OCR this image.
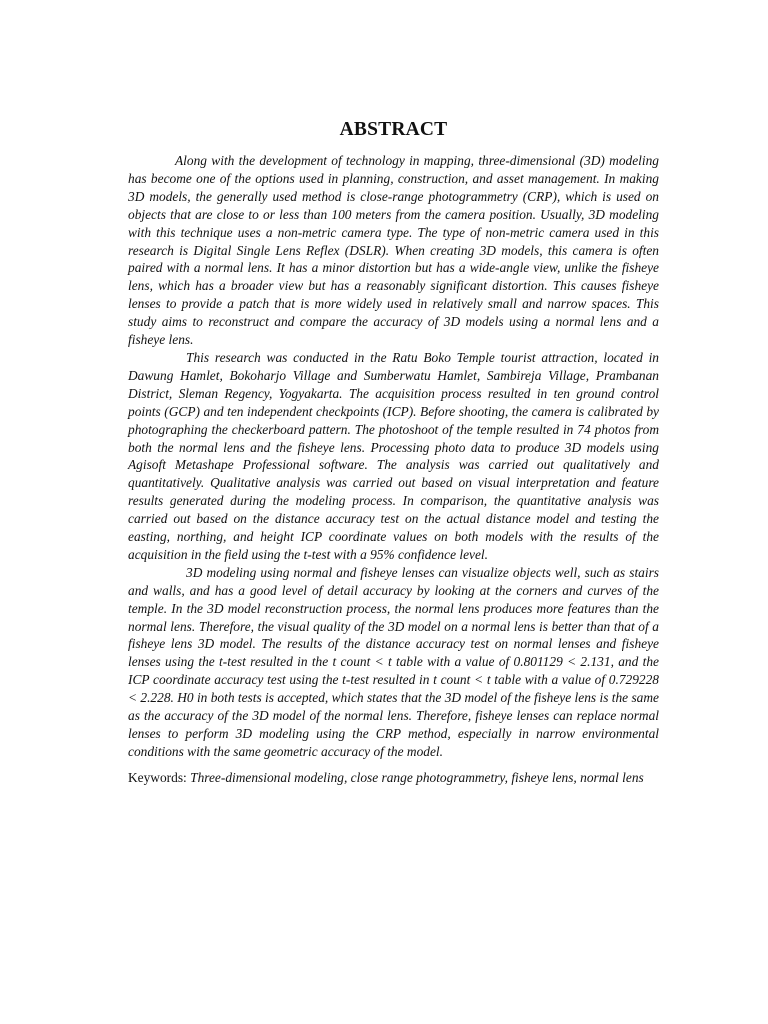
ABSTRACT

Along with the development of technology in mapping, three-dimensional (3D) modeling has become one of the options used in planning, construction, and asset management. In making 3D models, the generally used method is close-range photogrammetry (CRP), which is used on objects that are close to or less than 100 meters from the camera position. Usually, 3D modeling with this technique uses a non-metric camera type. The type of non-metric camera used in this research is Digital Single Lens Reflex (DSLR). When creating 3D models, this camera is often paired with a normal lens. It has a minor distortion but has a wide-angle view, unlike the fisheye lens, which has a broader view but has a reasonably significant distortion. This causes fisheye lenses to provide a patch that is more widely used in relatively small and narrow spaces. This study aims to reconstruct and compare the accuracy of 3D models using a normal lens and a fisheye lens.

This research was conducted in the Ratu Boko Temple tourist attraction, located in Dawung Hamlet, Bokoharjo Village and Sumberwatu Hamlet, Sambireja Village, Prambanan District, Sleman Regency, Yogyakarta. The acquisition process resulted in ten ground control points (GCP) and ten independent checkpoints (ICP). Before shooting, the camera is calibrated by photographing the checkerboard pattern. The photoshoot of the temple resulted in 74 photos from both the normal lens and the fisheye lens. Processing photo data to produce 3D models using Agisoft Metashape Professional software. The analysis was carried out qualitatively and quantitatively. Qualitative analysis was carried out based on visual interpretation and feature results generated during the modeling process. In comparison, the quantitative analysis was carried out based on the distance accuracy test on the actual distance model and testing the easting, northing, and height ICP coordinate values on both models with the results of the acquisition in the field using the t-test with a 95% confidence level.

3D modeling using normal and fisheye lenses can visualize objects well, such as stairs and walls, and has a good level of detail accuracy by looking at the corners and curves of the temple. In the 3D model reconstruction process, the normal lens produces more features than the normal lens. Therefore, the visual quality of the 3D model on a normal lens is better than that of a fisheye lens 3D model. The results of the distance accuracy test on normal lenses and fisheye lenses using the t-test resulted in the t count < t table with a value of 0.801129 < 2.131, and the ICP coordinate accuracy test using the t-test resulted in t count < t table with a value of 0.729228 < 2.228. H0 in both tests is accepted, which states that the 3D model of the fisheye lens is the same as the accuracy of the 3D model of the normal lens. Therefore, fisheye lenses can replace normal lenses to perform 3D modeling using the CRP method, especially in narrow environmental conditions with the same geometric accuracy of the model.

Keywords: Three-dimensional modeling, close range photogrammetry, fisheye lens, normal lens
